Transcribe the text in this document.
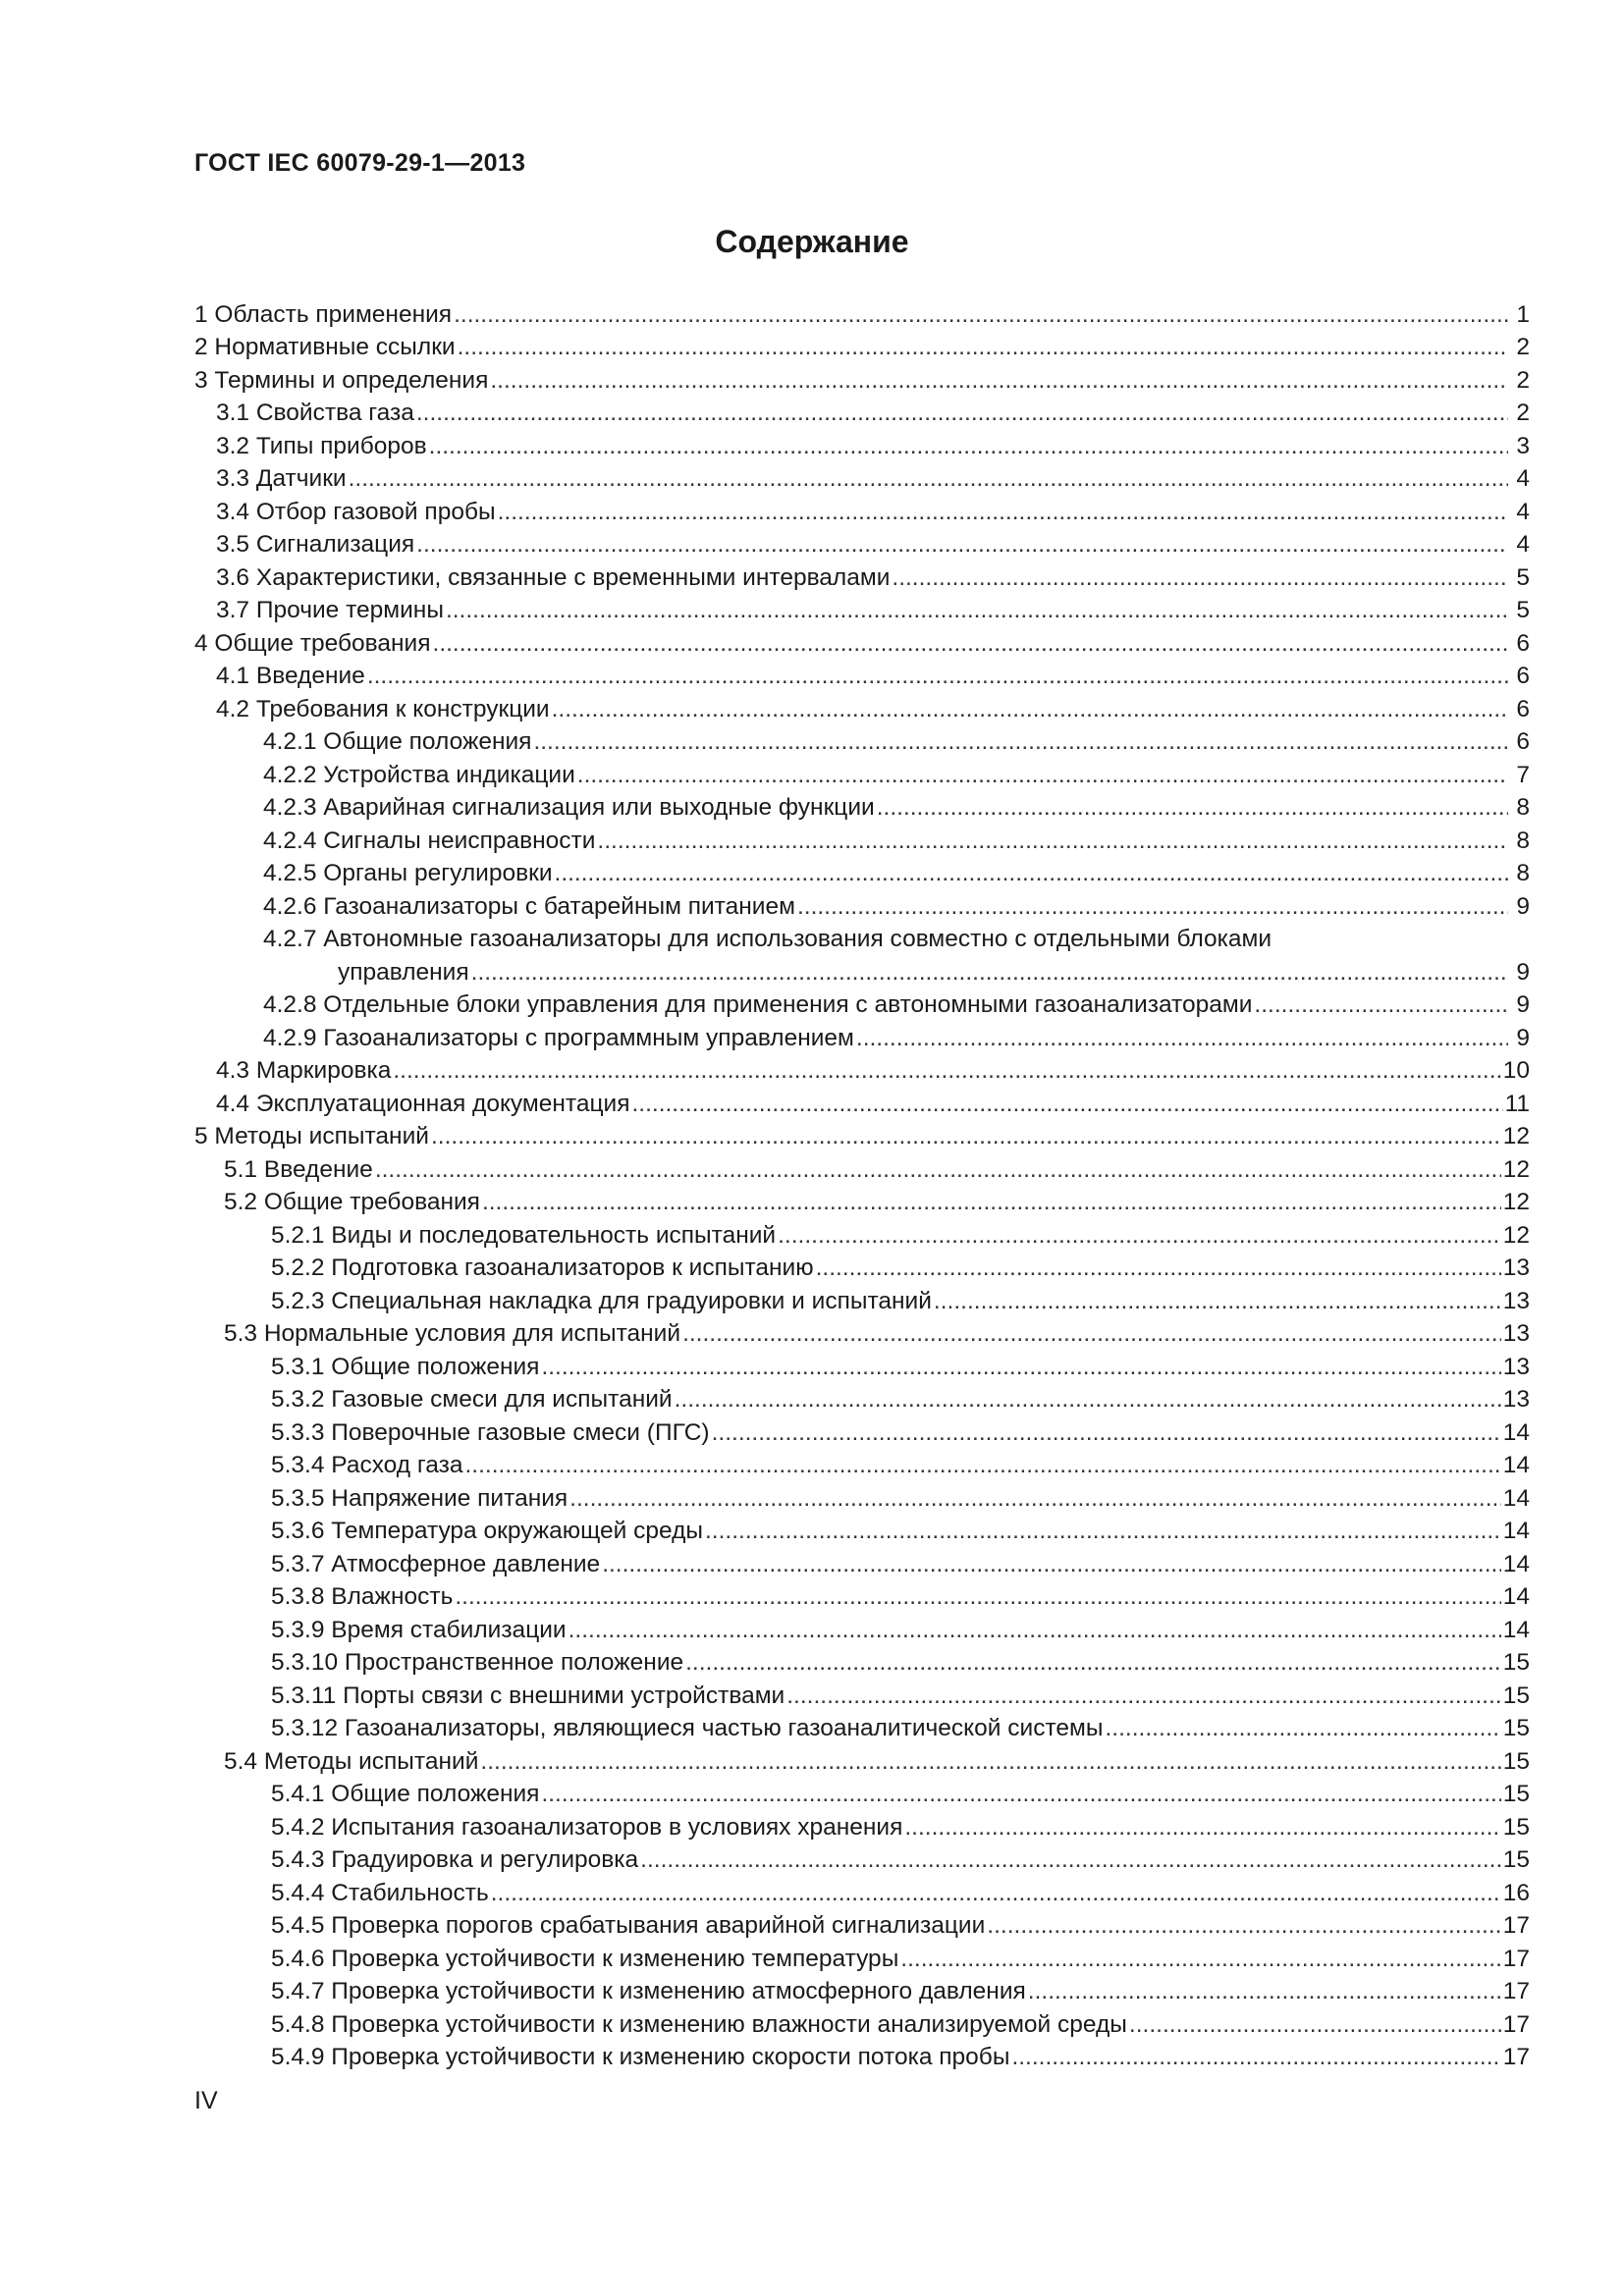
ГОСТ IEC 60079-29-1—2013
Содержание
1 Область применения .....	1
2 Нормативные ссылки .....	2
3 Термины и определения .....	2
3.1 Свойства газа .....	2
3.2 Типы приборов .....	3
3.3 Датчики .....	4
3.4 Отбор газовой пробы .....	4
3.5 Сигнализация .....	4
3.6 Характеристики, связанные с временными интервалами .....	5
3.7 Прочие термины .....	5
4 Общие требования .....	6
4.1 Введение .....	6
4.2 Требования к конструкции .....	6
4.2.1 Общие положения .....	6
4.2.2 Устройства индикации .....	7
4.2.3 Аварийная сигнализация или выходные функции .....	8
4.2.4 Сигналы неисправности .....	8
4.2.5 Органы регулировки .....	8
4.2.6 Газоанализаторы с батарейным питанием .....	9
4.2.7 Автономные газоанализаторы для использования совместно с отдельными блоками
управления .....	9
4.2.8 Отдельные блоки управления для применения с автономными газоанализаторами .....	9
4.2.9 Газоанализаторы с программным управлением .....	9
4.3 Маркировка .....	10
4.4 Эксплуатационная документация .....	11
5 Методы испытаний .....	12
5.1 Введение .....	12
5.2 Общие требования .....	12
5.2.1 Виды и последовательность испытаний .....	12
5.2.2 Подготовка газоанализаторов к испытанию .....	13
5.2.3 Специальная накладка для градуировки и испытаний .....	13
5.3 Нормальные условия для испытаний .....	13
5.3.1 Общие положения .....	13
5.3.2 Газовые смеси для испытаний .....	13
5.3.3 Поверочные газовые смеси (ПГС) .....	14
5.3.4 Расход газа .....	14
5.3.5 Напряжение питания .....	14
5.3.6 Температура окружающей среды .....	14
5.3.7 Атмосферное давление .....	14
5.3.8 Влажность .....	14
5.3.9 Время стабилизации .....	14
5.3.10 Пространственное положение .....	15
5.3.11 Порты связи с внешними устройствами .....	15
5.3.12 Газоанализаторы, являющиеся частью газоаналитической системы .....	15
5.4 Методы испытаний .....	15
5.4.1 Общие положения .....	15
5.4.2 Испытания газоанализаторов в условиях хранения .....	15
5.4.3 Градуировка и регулировка .....	15
5.4.4 Стабильность .....	16
5.4.5 Проверка порогов срабатывания аварийной сигнализации .....	17
5.4.6 Проверка устойчивости к изменению температуры .....	17
5.4.7 Проверка устойчивости к изменению атмосферного давления .....	17
5.4.8 Проверка устойчивости к изменению влажности анализируемой среды .....	17
5.4.9 Проверка устойчивости к изменению скорости потока пробы .....	17
IV
